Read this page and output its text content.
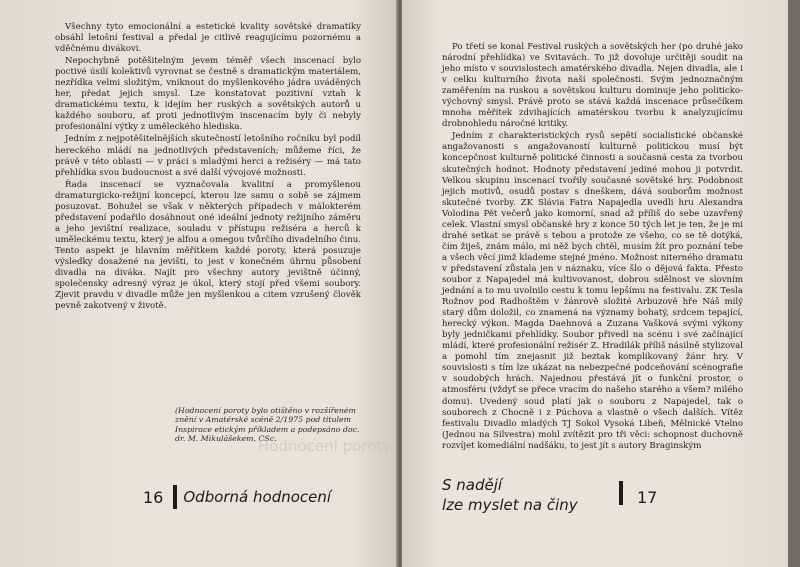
Všechny tyto emocionální a estetické kvality sovětské dramatiky obsáhl letošní festival a předal je citlivě reagujícímu pozornému a vděčnému divákovi.

Nepochybně potěšitelným jevem téměř všech inscenací bylo poctivé úsilí kolektivů vyrovnat se čestně s dramatickým materiálem, nezřídka velmi složitým, vniknout do myšlenkového jádra uváděných her, předat jejich smysl. Lze konstatovat pozitivní vztah k dramatickému textu, k idejím her ruských a sovětských autorů u každého souboru, ať proti jednotlivým inscenacím byly či nebyly profesionální výtky z uměleckého hlediska.

Jedním z nejpotěšitelnějších skutečností letošního ročníku byl podíl hereckého mládí na jednotlivých představeních; můžeme říci, že právě v této oblasti — v práci s mladými herci a režiséry — má tato přehlídka svou budoucnost a své další vývojové možnosti.

Řada inscenací se vyznačovala kvalitní a promyšlenou dramaturgicko-režijní koncepcí, kterou lze samu o sobě se zájmem posuzovat. Bohužel se však v některých případech v málokterém představení podařilo dosáhnout oné ideální jednoty režijního záměru a jeho jevištní realizace, souladu v přístupu režiséra a herců k uměleckému textu, který je alfou a omegou tvůrčího divadelního činu. Tento aspekt je hlavním měřítkem každé poroty, která posuzuje výsledky dosažené na jevišti, to jest v konečném úhrnu působení divadla na diváka. Najít pro všechny autory jevištně účinný, společensky adresný výraz je úkol, který stojí před všemi soubory. Zjevit pravdu v divadle může jen myšlenkou a citem vzrušený člověk pevně zakotvený v životě.

(Hodnocení poroty bylo otištěno v rozšířeném znění v Amatérské scéně 2/1975 pod titulem Inspirace etickým příkladem a podepsáno doc. dr. M. Mikulášekem, CSc.
Hodnocení poroty
16 Odborná hodnocení

Po třetí se konal Festival ruských a sovětských her (po druhé jako národní přehlídka) ve Svitavách. To již dovoluje určitěji soudit na jeho místo v souvislostech amatérského divadla. Nejen divadla, ale i v celku kulturního života naší společnosti. Svým jednoznačným zaměřením na ruskou a sovětskou kulturu dominuje jeho politicko-výchovný smysl. Právě proto se stává každá inscenace průsečíkem mnoha měřítek zdvihajících amatérskou tvorbu k analyzujícímu drobnohledu náročné kritiky.

Jedním z charakteristických rysů sepětí socialistické občanské angažovanosti s angažovaností kulturně politickou musí být koncepčnost kulturně politické činnosti a současná cesta za tvorbou skutečných hodnot. Hodnoty představení jediné mohou ji potvrdit. Velkou skupinu inscenací tvořily současné sovětské hry. Podobnost jejich motivů, osudů postav s dneškem, dává souborům možnost skutečné tvorby. ZK Slávia Fatra Napajedla uvedli hru Alexandra Volodina Pět večerů jako komorní, snad až příliš do sebe uzavřený celek. Vlastní smysl občanské hry z konce 50 tých let je ten, že je mi drahé setkat se právě s tebou a protože ze všeho, co se tě dotýká, čím žiješ, znám málo, mi něž bych chtěl, musím žít pro poznání tebe a všech věcí jimž klademe stejné jméno. Možnost niterného dramatu v představení zůstala jen v náznaku, více šlo o dějová fakta. Přesto soubor z Napajedel má kultivovanost, dobrou sdělnost ve slovním jednání a to mu uvolnilo cestu k tomu lepšímu na festivalu. ZK Tesla Rožnov pod Radhoštěm v žánrově složité Arbuzově hře Náš milý starý dům doložil, co znamená na významy bohatý, srdcem tepající, herecký výkon. Magda Daehnová a Zuzana Vašková svými výkony byly jedničkami přehlídky. Soubor přivedl na scénu i své začínající mládí, které profesionální režisér Z. Hradilák příliš násilně stylizoval a pomohl tím znejasnit již beztak komplikovaný žánr hry. V souvislosti s tím lze ukázat na nebezpečné podceňování scénografie v soudobých hrách. Najednou přestává jít o funkční prostor, o atmosféru (vždyť se přece vracím do našeho starého a všem? milého domu). Uvedený soud platí jak o souboru z Napajedel, tak o souborech z Chocně i z Púchova a vlastně o všech dalších. Vítěz festivalu Divadlo mladých TJ Sokol Vysoká Libeň, Mělnické Vtelno (Jednou na Silvestra) mohl zvítězit pro tři věci: schopnost duchovně rozvíjet komediální nadšáku, to jest jít s autory Braginským

S nadějí
lze myslet na činy	17
